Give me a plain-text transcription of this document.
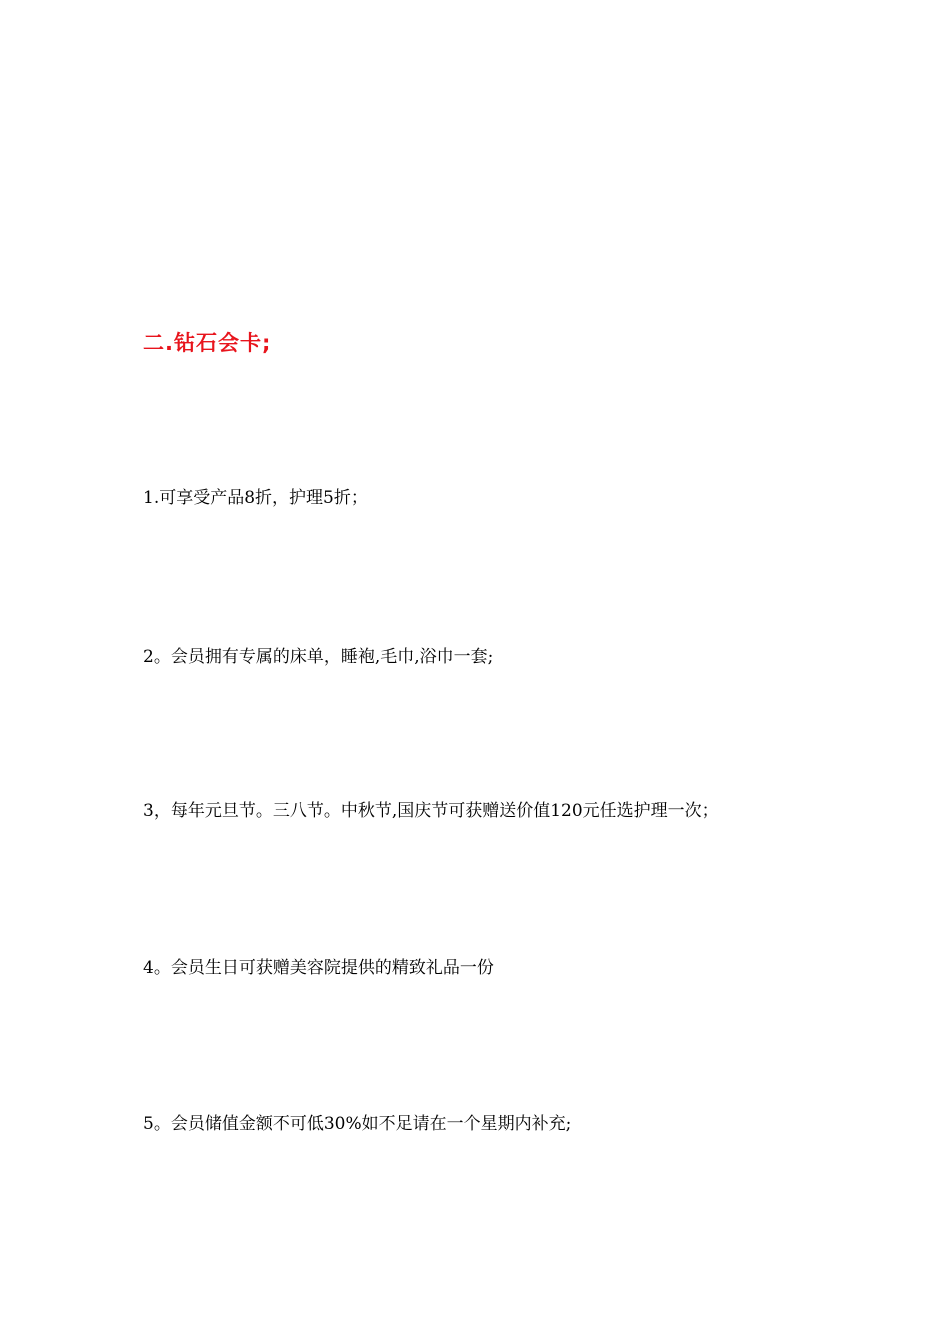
二.钻石会卡;
1.可享受产品8折，护理5折；
2。会员拥有专属的床单，睡袍,毛巾,浴巾一套;
3，每年元旦节。三八节。中秋节,国庆节可获赠送价值120元任选护理一次；
4。会员生日可获赠美容院提供的精致礼品一份
5。会员储值金额不可低30%如不足请在一个星期内补充;
